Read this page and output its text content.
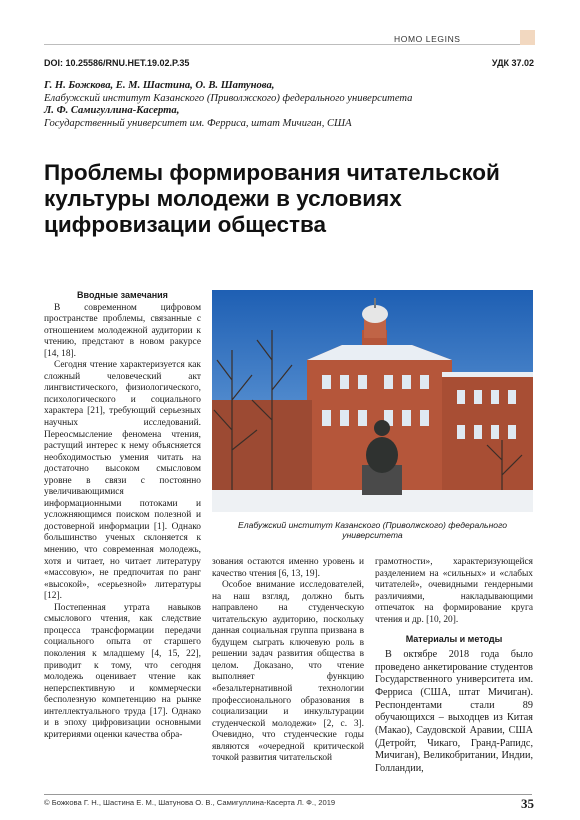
HOMO LEGINS
DOI: 10.25586/RNU.HET.19.02.P.35	УДК 37.02
Г. Н. Божкова, Е. М. Шастина, О. В. Шатунова,
Елабужский институт Казанского (Приволжского) федерального университета
Л. Ф. Самигуллина-Касерта,
Государственный университет им. Ферриса, штат Мичиган, США
Проблемы формирования читательской культуры молодежи в условиях цифровизации общества

Вводные замечания

В современном цифровом пространстве проблемы, связанные с отношением молодежной аудитории к чтению, предстают в новом ракурсе [14, 18].

Сегодня чтение характеризуется как сложный человеческий акт лингвистического, физиологического, психологического и социального характера [21], требующий серьезных научных исследований. Переосмысление феномена чтения, растущий интерес к нему объясняется необходимостью умения читать на достаточно высоком смысловом уровне в связи с постоянно увеличивающимися информационными потоками и усложняющимся поиском полезной и достоверной информации [1]. Однако большинство ученых склоняется к мнению, что современная молодежь, хотя и читает, но читает литературу «массовую», не предпочитая по ранг «высокой», «серьезной» литературы [12].

Постепенная утрата навыков смыслового чтения, как следствие процесса трансформации передачи социального опыта от старшего поколения к младшему [4, 15, 22], приводит к тому, что сегодня молодежь оценивает чтение как неперспективную и коммерчески бесполезную компетенцию на рынке интеллектуального труда [17]. Однако и в эпоху цифровизации основными критериями оценки качества обра-

Елабужский институт Казанского (Приволжского) федерального университета

зования остаются именно уровень и качество чтения [6, 13, 19].

Особое внимание исследователей, на наш взгляд, должно быть направлено на студенческую читательскую аудиторию, поскольку данная социальная группа призвана в будущем сыграть ключевую роль в решении задач развития общества в целом. Доказано, что чтение выполняет функцию «безальтернативной технологии профессионального образования в социализации и инкультурации студенческой молодежи» [2, с. 3]. Очевидно, что студенческие годы являются «очередной критической точкой развития читательской

грамотности», характеризующейся разделением на «сильных» и «слабых читателей», очевидными гендерными различиями, накладывающими отпечаток на формирование круга чтения и др. [10, 20].

Материалы и методы

В октябре 2018 года было проведено анкетирование студентов Государственного университета им. Ферриса (США, штат Мичиган). Респондентами стали 89 обучающихся – выходцев из Китая (Макао), Саудовской Аравии, США (Детройт, Чикаго, Гранд-Рапидс, Мичиган), Великобритании, Индии, Голландии,

© Божкова Г. Н., Шастина Е. М., Шатунова О. В., Самигуллина-Касерта Л. Ф., 2019	35
